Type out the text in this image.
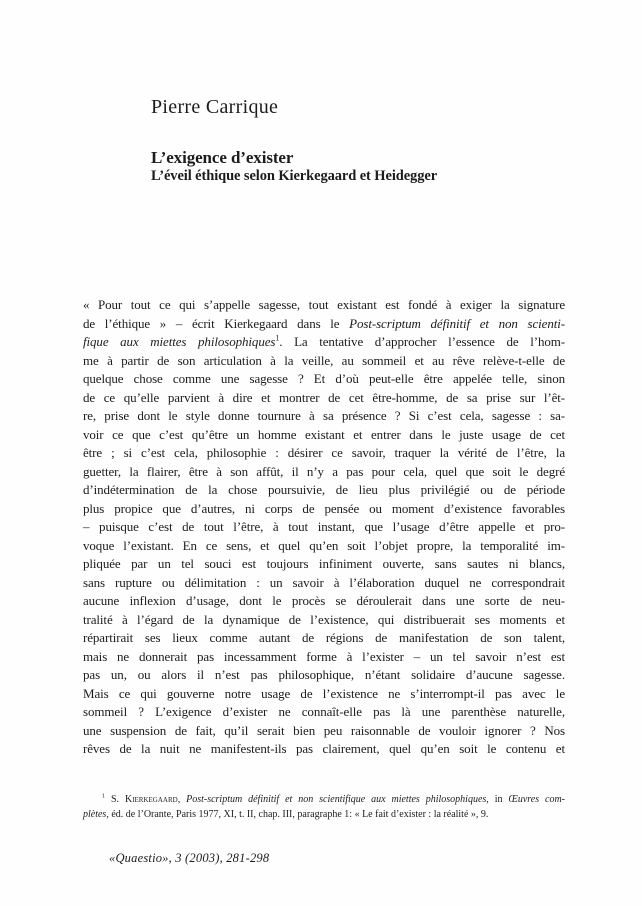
Pierre Carrique
L’exigence d’exister
L’éveil éthique selon Kierkegaard et Heidegger
« Pour tout ce qui s’appelle sagesse, tout existant est fondé à exiger la signature
de l’éthique » – écrit Kierkegaard dans le Post-scriptum définitif et non scienti-
fique aux miettes philosophiques$^1$. La tentative d’approcher l’essence de l’hom-
me à partir de son articulation à la veille, au sommeil et au rêve relève-t-elle de
quelque chose comme une sagesse ? Et d’où peut-elle être appelée telle, sinon
de ce qu’elle parvient à dire et montrer de cet être-homme, de sa prise sur l’êt-
re, prise dont le style donne tournure à sa présence ? Si c’est cela, sagesse : sa-
voir ce que c’est qu’être un homme existant et entrer dans le juste usage de cet
être ; si c’est cela, philosophie : désirer ce savoir, traquer la vérité de l’être, la
guetter, la flairer, être à son affût, il n’y a pas pour cela, quel que soit le degré
d’indétermination de la chose poursuivie, de lieu plus privilégié ou de période
plus propice que d’autres, ni corps de pensée ou moment d’existence favorables
– puisque c’est de tout l’être, à tout instant, que l’usage d’être appelle et pro-
voque l’existant. En ce sens, et quel qu’en soit l’objet propre, la temporalité im-
pliquée par un tel souci est toujours infiniment ouverte, sans sautes ni blancs,
sans rupture ou délimitation : un savoir à l’élaboration duquel ne correspondrait
aucune inflexion d’usage, dont le procès se déroulerait dans une sorte de neu-
tralité à l’égard de la dynamique de l’existence, qui distribuerait ses moments et
répartirait ses lieux comme autant de régions de manifestation de son talent,
mais ne donnerait pas incessamment forme à l’exister – un tel savoir n’est est
pas un, ou alors il n’est pas philosophique, n’étant solidaire d’aucune sagesse.
Mais ce qui gouverne notre usage de l’existence ne s’interrompt-il pas avec le
sommeil ? L’exigence d’exister ne connaît-elle pas là une parenthèse naturelle,
une suspension de fait, qu’il serait bien peu raisonnable de vouloir ignorer ? Nos
rêves de la nuit ne manifestent-ils pas clairement, quel qu’en soit le contenu et
$^1$ S. Kierkegaard, Post-scriptum définitif et non scientifique aux miettes philosophiques, in Œuvres com-
plètes, éd. de l’Orante, Paris 1977, XI, t. II, chap. III, paragraphe 1: « Le fait d’exister : la réalité », 9.
«Quaestio», 3 (2003), 281-298
